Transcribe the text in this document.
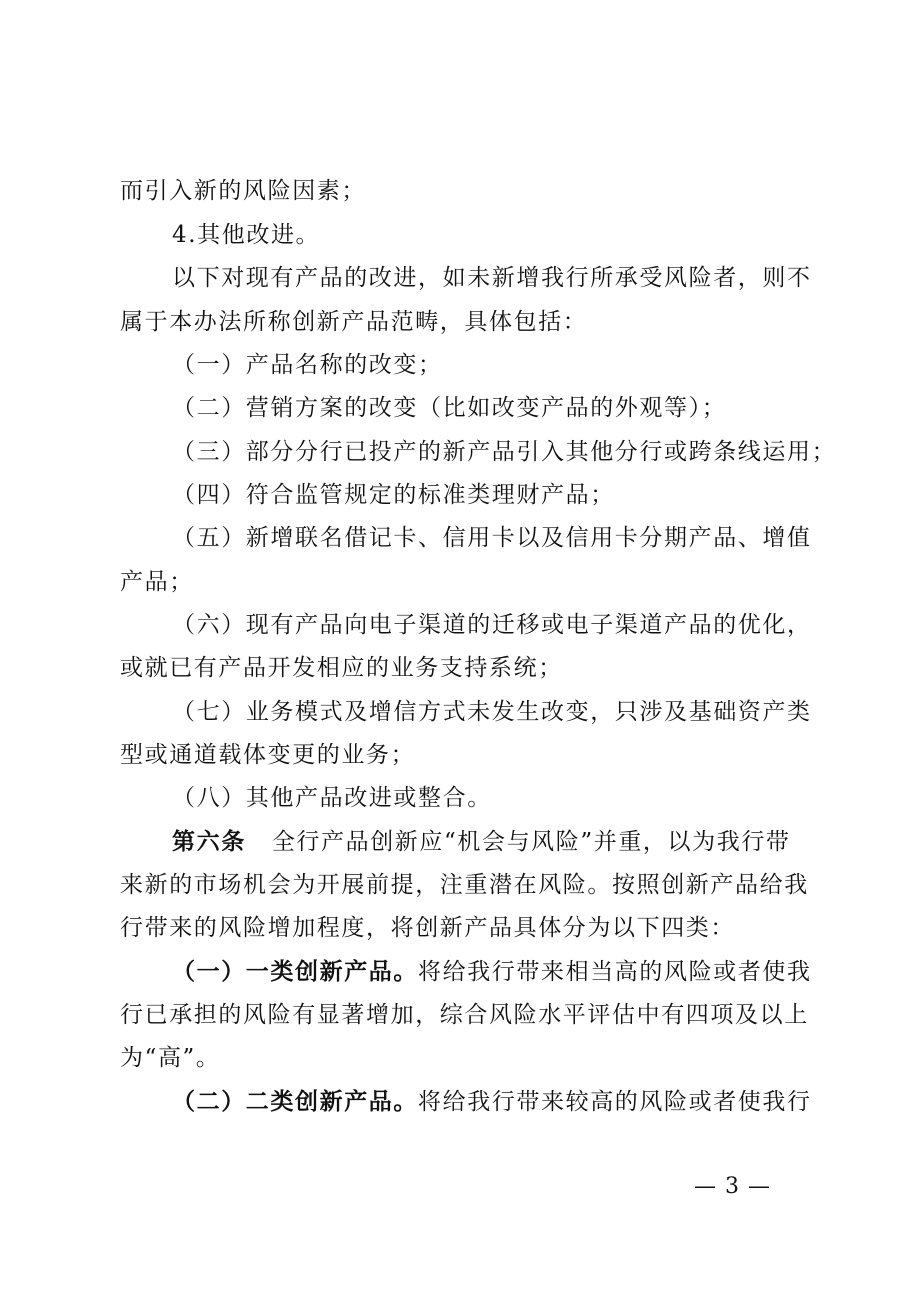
而引入新的风险因素；
4.其他改进。
以下对现有产品的改进，如未新增我行所承受风险者，则不
属于本办法所称创新产品范畴，具体包括：
（一）产品名称的改变；
（二）营销方案的改变（比如改变产品的外观等）；
（三）部分分行已投产的新产品引入其他分行或跨条线运用；
（四）符合监管规定的标准类理财产品；
（五）新增联名借记卡、信用卡以及信用卡分期产品、增值
产品；
（六）现有产品向电子渠道的迁移或电子渠道产品的优化，
或就已有产品开发相应的业务支持系统；
（七）业务模式及增信方式未发生改变，只涉及基础资产类
型或通道载体变更的业务；
（八）其他产品改进或整合。
第六条 全行产品创新应“机会与风险”并重，以为我行带
来新的市场机会为开展前提，注重潜在风险。按照创新产品给我
行带来的风险增加程度，将创新产品具体分为以下四类：
（一）一类创新产品。将给我行带来相当高的风险或者使我
行已承担的风险有显著增加，综合风险水平评估中有四项及以上
为“高”。
（二）二类创新产品。将给我行带来较高的风险或者使我行
— 3 —
